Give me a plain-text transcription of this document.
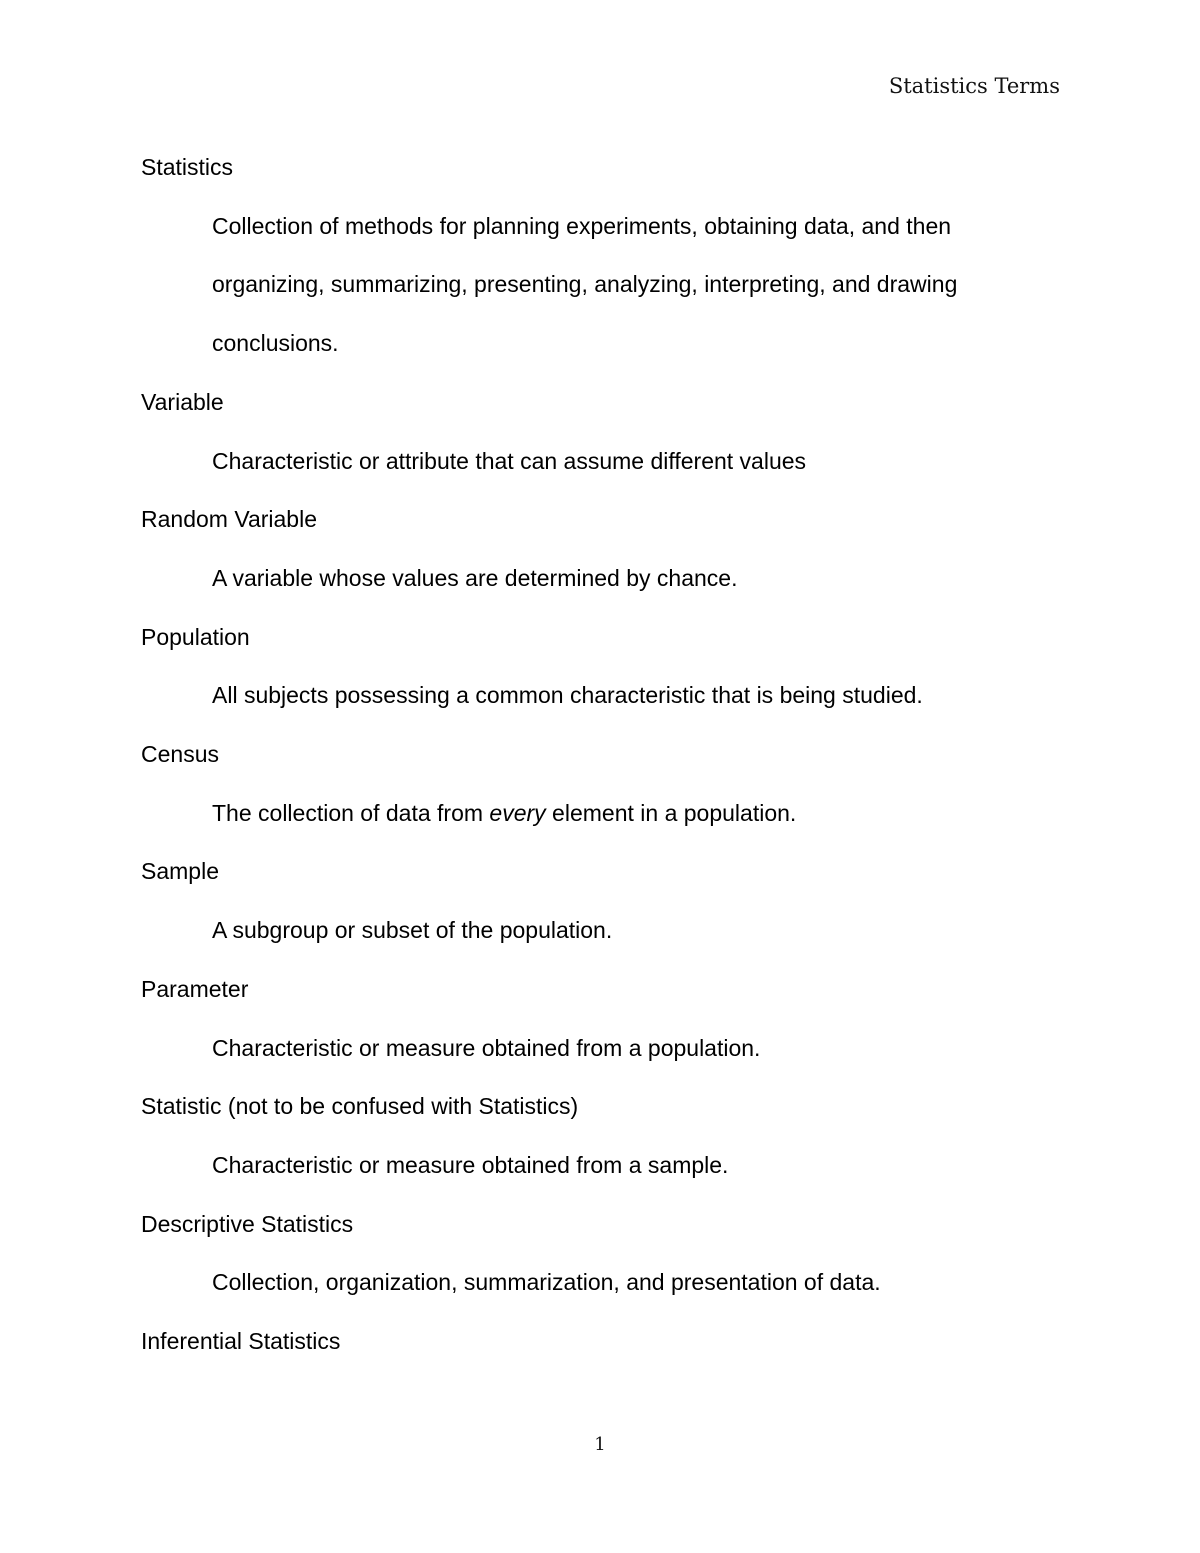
Statistics Terms

Statistics

Collection of methods for planning experiments, obtaining data, and then
organizing, summarizing, presenting, analyzing, interpreting, and drawing
conclusions.

Variable

Characteristic or attribute that can assume different values

Random Variable

A variable whose values are determined by chance.

Population

All subjects possessing a common characteristic that is being studied.

Census

The collection of data from every element in a population.

Sample

A subgroup or subset of the population.

Parameter

Characteristic or measure obtained from a population.

Statistic (not to be confused with Statistics)

Characteristic or measure obtained from a sample.

Descriptive Statistics

Collection, organization, summarization, and presentation of data.

Inferential Statistics

1
